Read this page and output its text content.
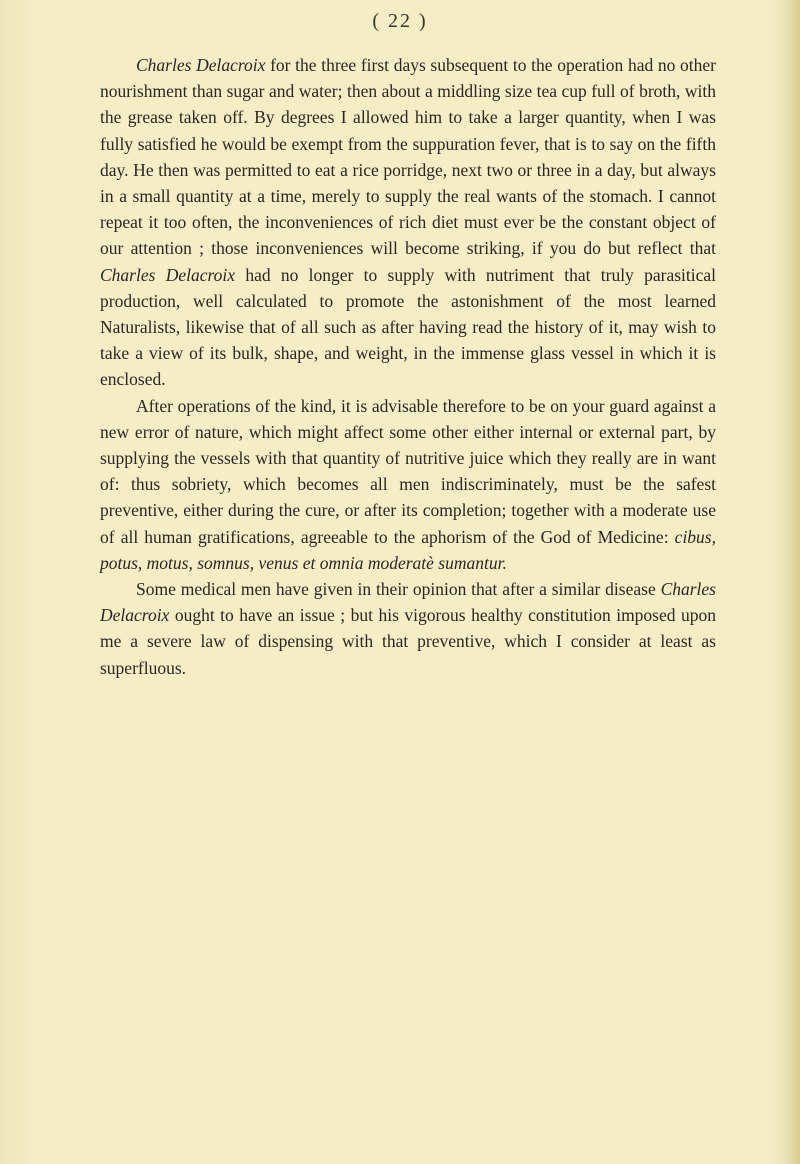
( 22 )

Charles Delacroix for the three first days subsequent to the operation had no other nourishment than sugar and water; then about a middling size tea cup full of broth, with the grease taken off. By degrees I allowed him to take a larger quantity, when I was fully satisfied he would be exempt from the suppuration fever, that is to say on the fifth day. He then was permitted to eat a rice porridge, next two or three in a day, but always in a small quantity at a time, merely to supply the real wants of the stomach. I cannot repeat it too often, the inconveniences of rich diet must ever be the constant object of our attention ; those inconveniences will become striking, if you do but reflect that Charles Delacroix had no longer to supply with nutriment that truly parasitical production, well calculated to promote the astonishment of the most learned Naturalists, likewise that of all such as after having read the history of it, may wish to take a view of its bulk, shape, and weight, in the immense glass vessel in which it is enclosed.

After operations of the kind, it is advisable therefore to be on your guard against a new error of nature, which might affect some other either internal or external part, by supplying the vessels with that quantity of nutritive juice which they really are in want of: thus sobriety, which becomes all men indiscriminately, must be the safest preventive, either during the cure, or after its completion; together with a moderate use of all human gratifications, agreeable to the aphorism of the God of Medicine: cibus, potus, motus, somnus, venus et omnia moderatè sumantur.

Some medical men have given in their opinion that after a similar disease Charles Delacroix ought to have an issue ; but his vigorous healthy constitution imposed upon me a severe law of dispensing with that preventive, which I consider at least as superfluous.
